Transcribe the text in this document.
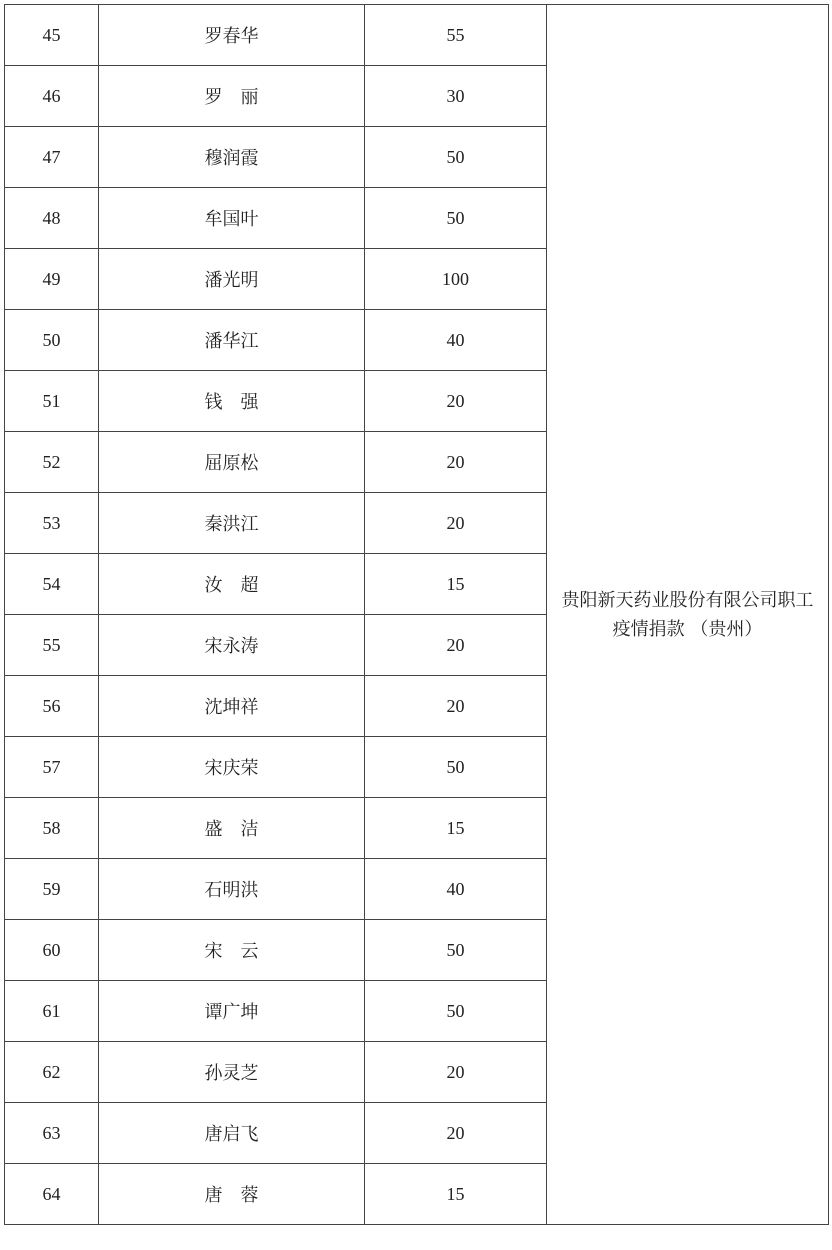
45	罗春华	55	贵阳新天药业股份有限公司职工疫情捐款 （贵州）
46	罗　丽	30	
47	穆润霞	50	
48	牟国叶	50	
49	潘光明	100	
50	潘华江	40	
51	钱　强	20	
52	屈原松	20	
53	秦洪江	20	
54	汝　超	15	
55	宋永涛	20	
56	沈坤祥	20	
57	宋庆荣	50	
58	盛　洁	15	
59	石明洪	40	
60	宋　云	50	
61	谭广坤	50	
62	孙灵芝	20	
63	唐启飞	20	
64	唐　蓉	15	
